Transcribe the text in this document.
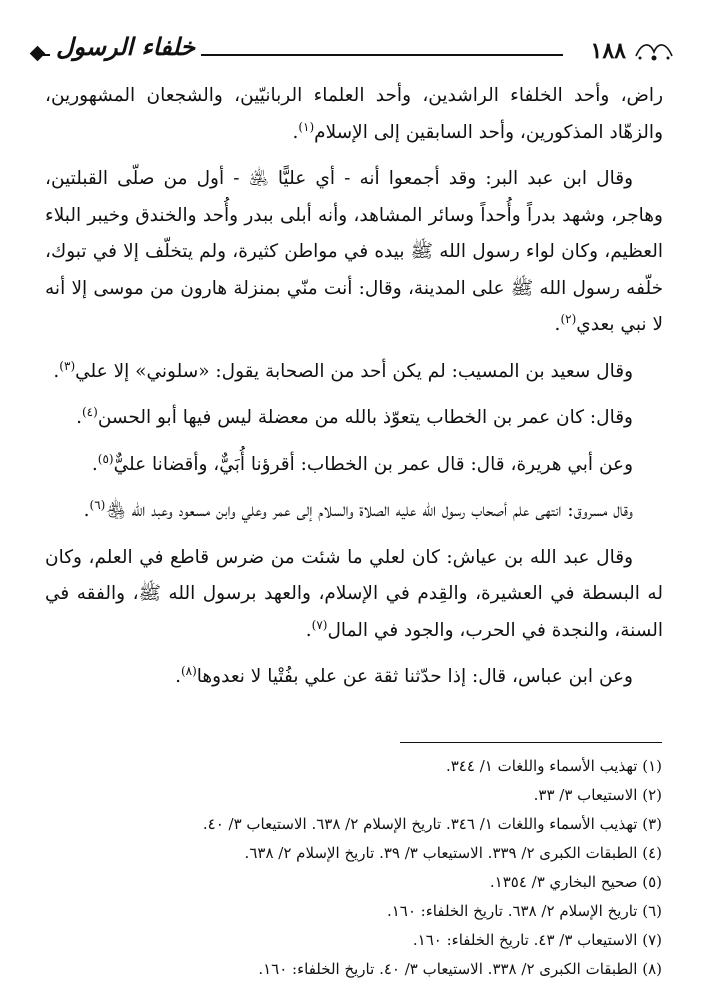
خلفاء الرسول	١٨٨

راض، وأحد الخلفاء الراشدين، وأحد العلماء الربانيّين، والشجعان المشهورين، والزهّاد المذكورين، وأحد السابقين إلى الإسلام$^{(١)}$.

وقال ابن عبد البر: وقد أجمعوا أنه - أي عليًّا ﵁ - أول من صلّى القبلتين، وهاجر، وشهد بدراً وأُحداً وسائر المشاهد، وأنه أبلى ببدر وأُحد والخندق وخيبر البلاء العظيم، وكان لواء رسول الله ﷺ بيده في مواطن كثيرة، ولم يتخلّف إلا في تبوك، خلّفه رسول الله ﷺ على المدينة، وقال: أنت منّي بمنزلة هارون من موسى إلا أنه لا نبي بعدي$^{(٢)}$.

وقال سعيد بن المسيب: لم يكن أحد من الصحابة يقول: «سلوني» إلا علي$^{(٣)}$.

وقال: كان عمر بن الخطاب يتعوّذ بالله من معضلة ليس فيها أبو الحسن$^{(٤)}$.

وعن أبي هريرة، قال: قال عمر بن الخطاب: أقرؤنا أُبَيٌّ، وأقضانا عليٌّ$^{(٥)}$.

وقال مسروق: انتهى علم أصحاب رسول الله عليه الصلاة والسلام إلى عمر وعلي وابن مسعود وعبد الله ﵃$^{(٦)}$.

وقال عبد الله بن عياش: كان لعلي ما شئت من ضرس قاطع في العلم، وكان له البسطة في العشيرة، والقِدم في الإسلام، والعهد برسول الله ﷺ، والفقه في السنة، والنجدة في الحرب، والجود في المال$^{(٧)}$.

وعن ابن عباس، قال: إذا حدّثنا ثقة عن علي بفُتْيا لا نعدوها$^{(٨)}$.

(١) تهذيب الأسماء واللغات ١/ ٣٤٤.
(٢) الاستيعاب ٣/ ٣٣.
(٣) تهذيب الأسماء واللغات ١/ ٣٤٦. تاريخ الإسلام ٢/ ٦٣٨. الاستيعاب ٣/ ٤٠.
(٤) الطبقات الكبرى ٢/ ٣٣٩. الاستيعاب ٣/ ٣٩. تاريخ الإسلام ٢/ ٦٣٨.
(٥) صحيح البخاري ٣/ ١٣٥٤.
(٦) تاريخ الإسلام ٢/ ٦٣٨. تاريخ الخلفاء: ١٦٠.
(٧) الاستيعاب ٣/ ٤٣. تاريخ الخلفاء: ١٦٠.
(٨) الطبقات الكبرى ٢/ ٣٣٨. الاستيعاب ٣/ ٤٠. تاريخ الخلفاء: ١٦٠.
